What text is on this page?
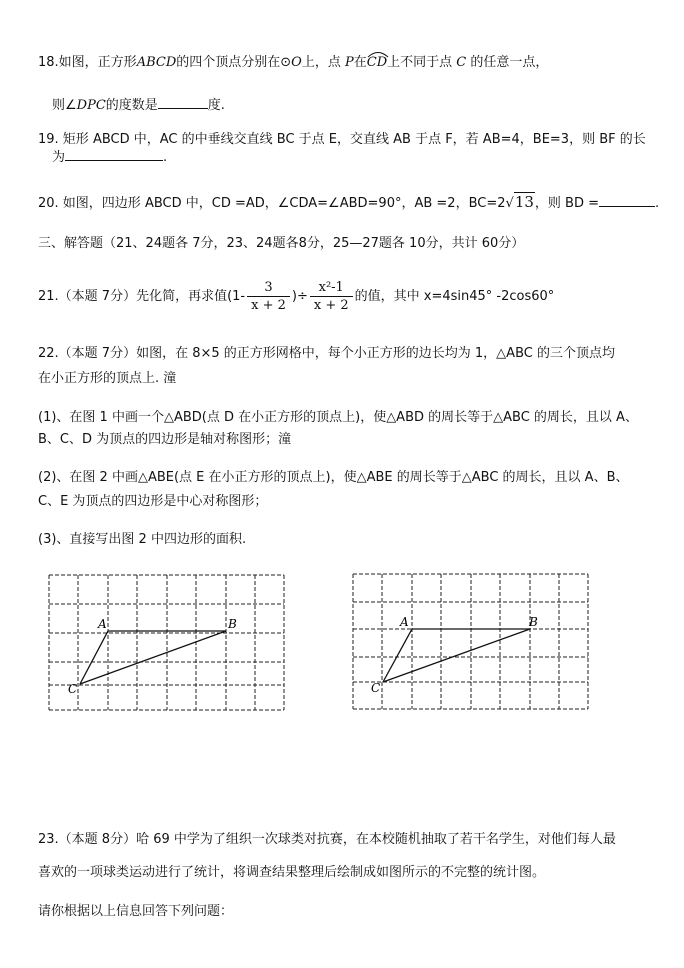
18.如图，正方形ABCD的四个顶点分别在⊙O上，点 P在CD
上不同于点 C 的任意一点，
则∠DPC的度数是	度.
19. 矩形 ABCD 中，AC 的中垂线交直线 BC 于点 E，交直线 AB 于点 F，若 AB=4，BE=3，则 BF 的长
为	.
20. 如图，四边形 ABCD 中，CD =AD，∠CDA=∠ABD=90°，AB =2，BC=2√13，则 BD =	.
三、解答题（21、24题各 7分，23、24题各8分，25—27题各 10分，共计 60分）
21.（本题 7分）先化简，再求值($1- \frac{3}{x + 2}$ )÷ $\frac{\text{x²-1}}{x + 2}$ 的值，其中 x=4sin45° -2cos60°
22.（本题 7分）如图，在 8×5 的正方形网格中，每个小正方形的边长均为 1，△ABC 的三个顶点均
在小正方形的顶点上. 潼
(1)、在图 1 中画一个△ABD(点 D 在小正方形的顶点上)，使△ABD 的周长等于△ABC 的周长，且以 A、
B、C、D 为顶点的四边形是轴对称图形；潼
(2)、在图 2 中画△ABE(点 E 在小正方形的顶点上)，使△ABE 的周长等于△ABC 的周长，且以 A、B、
C、E 为顶点的四边形是中心对称图形；
(3)、直接写出图 2 中四边形的面积.
A	B
C
A	B
C
23.（本题 8分）哈 69 中学为了组织一次球类对抗赛，在本校随机抽取了若干名学生，对他们每人最
喜欢的一项球类运动进行了统计，将调查结果整理后绘制成如图所示的不完整的统计图。
请你根据以上信息回答下列问题：
